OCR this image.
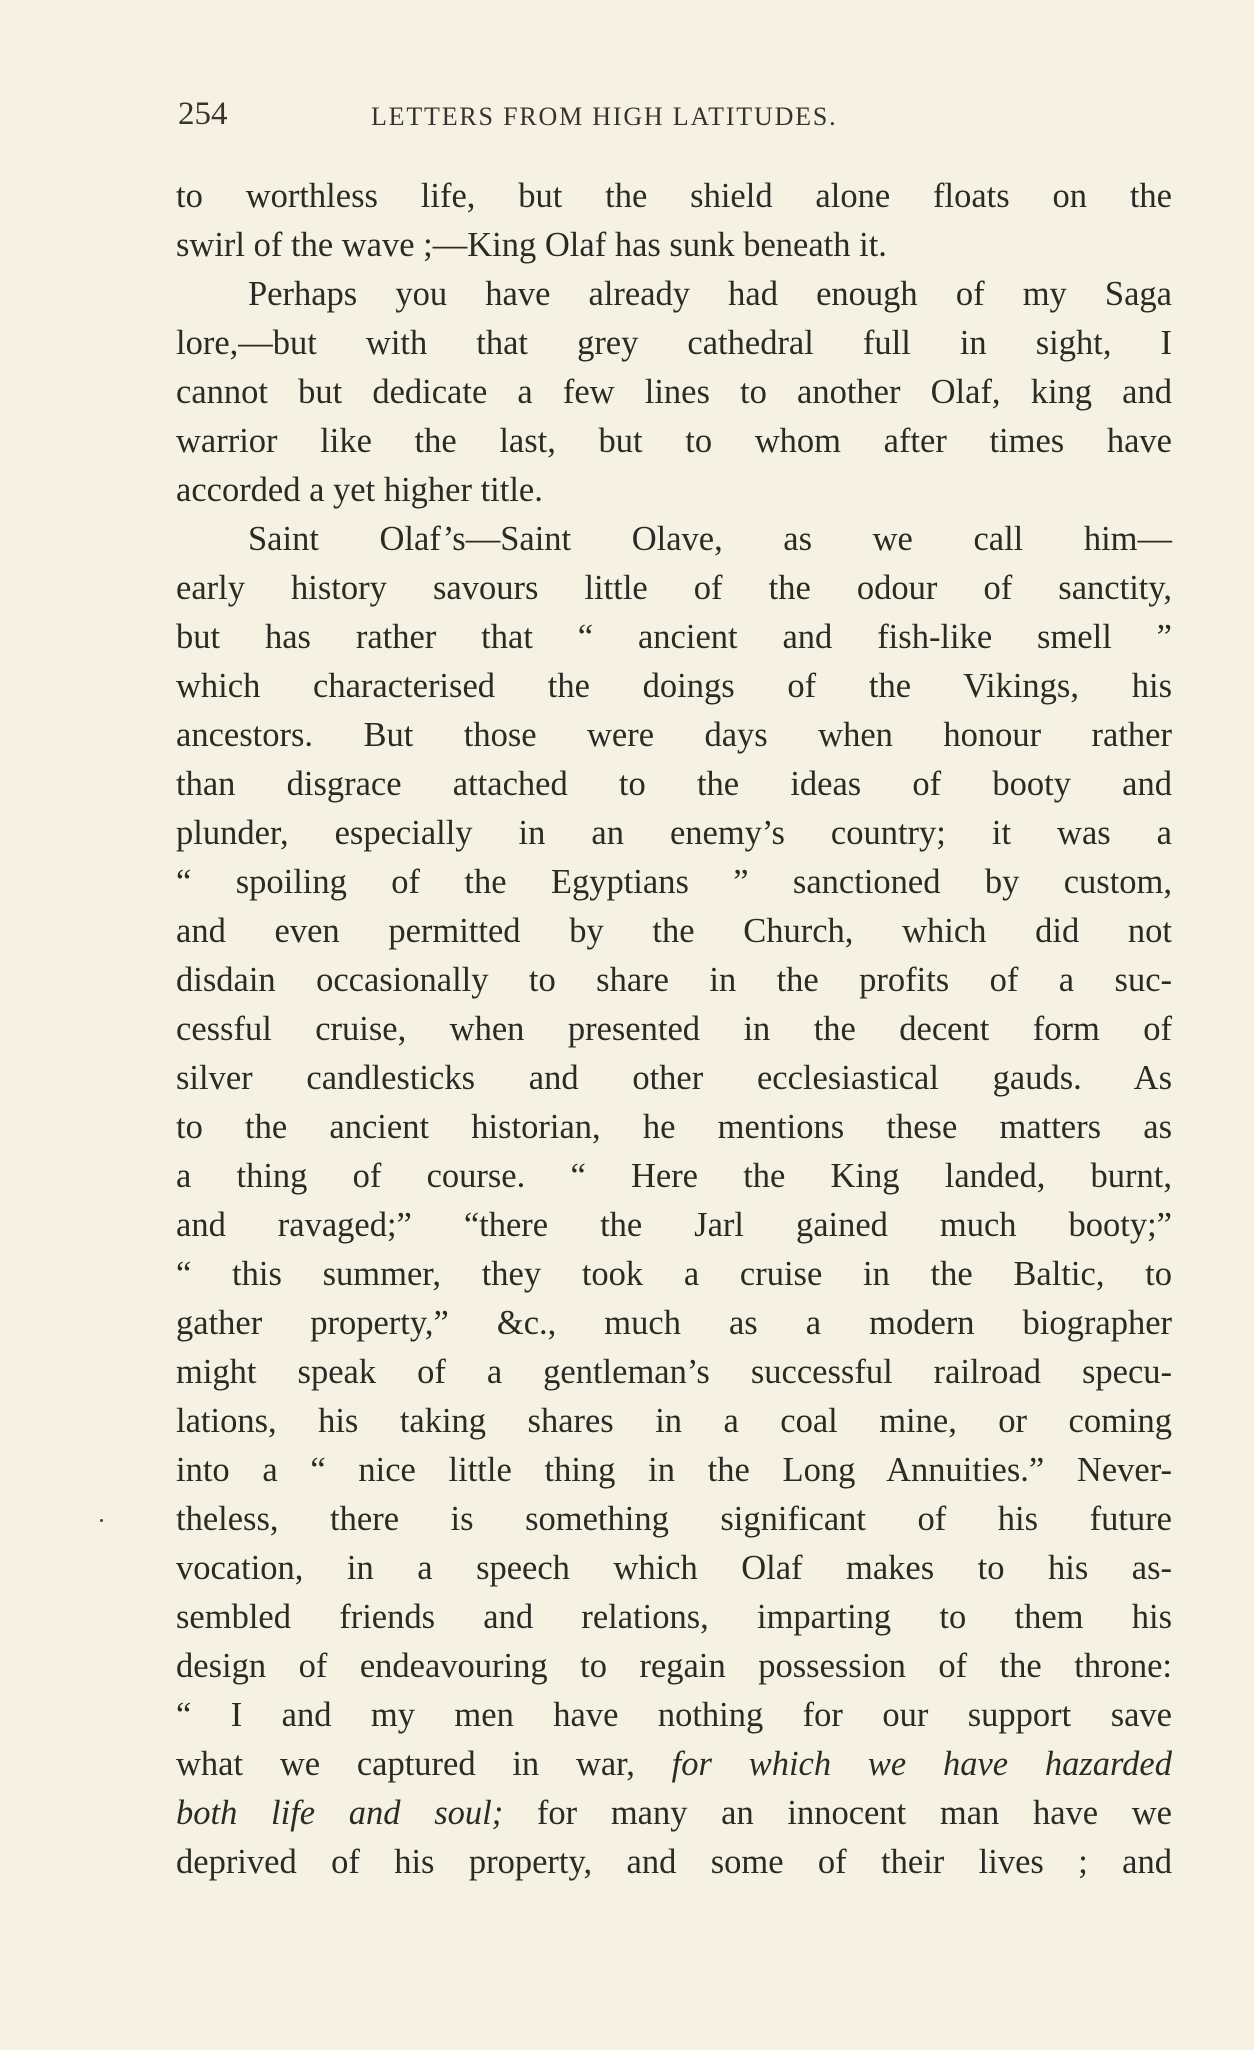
254	LETTERS FROM HIGH LATITUDES.
to worthless life, but the shield alone floats on the
swirl of the wave ;—King Olaf has sunk beneath it.
Perhaps you have already had enough of my Saga
lore,—but with that grey cathedral full in sight, I
cannot but dedicate a few lines to another Olaf, king and
warrior like the last, but to whom after times have
accorded a yet higher title.
Saint Olaf’s—Saint Olave, as we call him—
early history savours little of the odour of sanctity,
but has rather that “ ancient and fish-like smell ”
which characterised the doings of the Vikings, his
ancestors. But those were days when honour rather
than disgrace attached to the ideas of booty and
plunder, especially in an enemy’s country; it was a
“ spoiling of the Egyptians ” sanctioned by custom,
and even permitted by the Church, which did not
disdain occasionally to share in the profits of a suc-
cessful cruise, when presented in the decent form of
silver candlesticks and other ecclesiastical gauds. As
to the ancient historian, he mentions these matters as
a thing of course. “ Here the King landed, burnt,
and ravaged;” “there the Jarl gained much booty;”
“ this summer, they took a cruise in the Baltic, to
gather property,” &c., much as a modern biographer
might speak of a gentleman’s successful railroad specu-
lations, his taking shares in a coal mine, or coming
into a “ nice little thing in the Long Annuities.” Never-
theless, there is something significant of his future
vocation, in a speech which Olaf makes to his as-
sembled friends and relations, imparting to them his
design of endeavouring to regain possession of the throne:
“ I and my men have nothing for our support save
what we captured in war, for which we have hazarded
both life and soul; for many an innocent man have we
deprived of his property, and some of their lives ; and
